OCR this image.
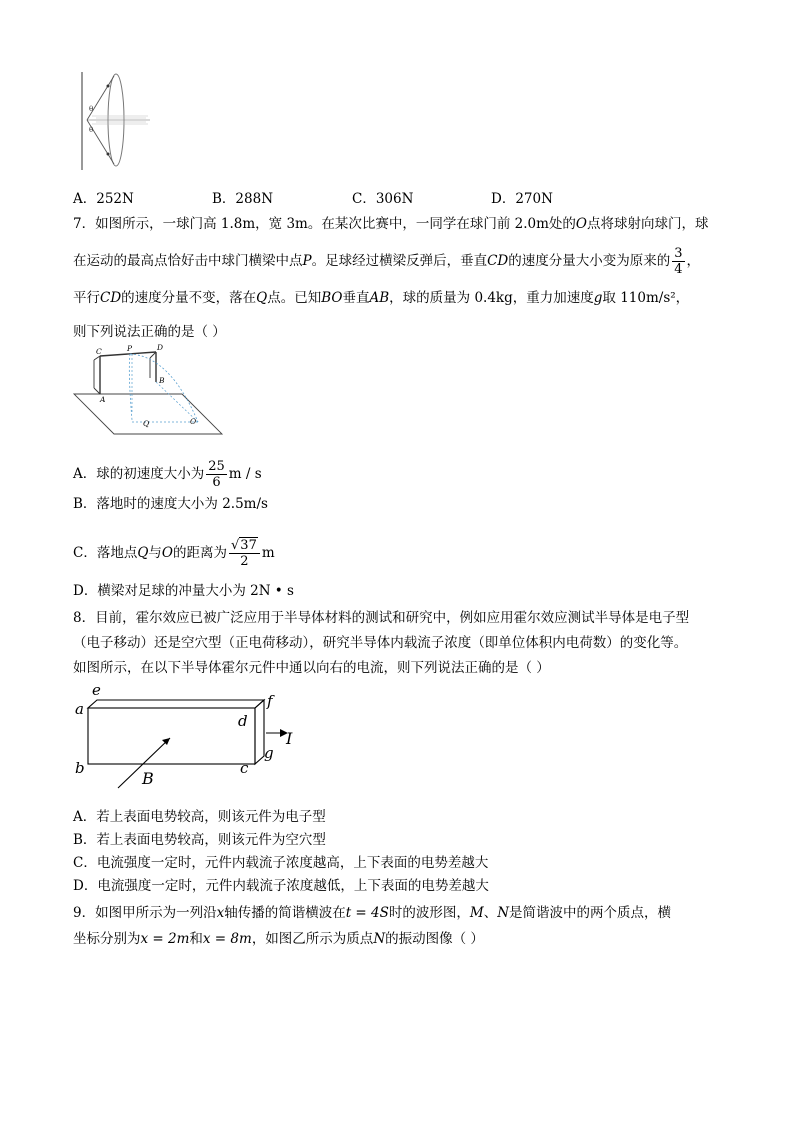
θ
θ
A．252N	B．288N	C．306N	D．270N
7．如图所示，一球门高 1.8m，宽 3m。在某次比赛中，一同学在球门前 2.0m处的O点将球射向球门，球
在运动的最高点恰好击中球门横梁中点P。足球经过横梁反弹后，垂直CD的速度分量大小变为原来的 $\frac{3}{4}$ ，
平行CD的速度分量不变，落在Q点。已知BO垂直AB，球的质量为 0.4kg，重力加速度g取 110m/s²，
则下列说法正确的是（ ）
C	P	D
B
A
Q	O
A．球的初速度大小为 $\frac{25}{6}$ m / s
B．落地时的速度大小为 2.5m/s
C．落地点Q与O的距离为 $\frac{√37}{2}$ m
D．横梁对足球的冲量大小为 2N • s
8．目前，霍尔效应已被广泛应用于半导体材料的测试和研究中，例如应用霍尔效应测试半导体是电子型
（电子移动）还是空穴型（正电荷移动），研究半导体内载流子浓度（即单位体积内电荷数）的变化等。
如图所示，在以下半导体霍尔元件中通以向右的电流，则下列说法正确的是（ ）
e
a	f
d
I
g
b	c
B
A．若上表面电势较高，则该元件为电子型
B．若上表面电势较高，则该元件为空穴型
C．电流强度一定时，元件内载流子浓度越高，上下表面的电势差越大
D．电流强度一定时，元件内载流子浓度越低，上下表面的电势差越大
9．如图甲所示为一列沿x轴传播的简谐横波在t = 4S时的波形图，M、N是简谐波中的两个质点，横
坐标分别为x = 2m和x = 8m，如图乙所示为质点N的振动图像（ ）
